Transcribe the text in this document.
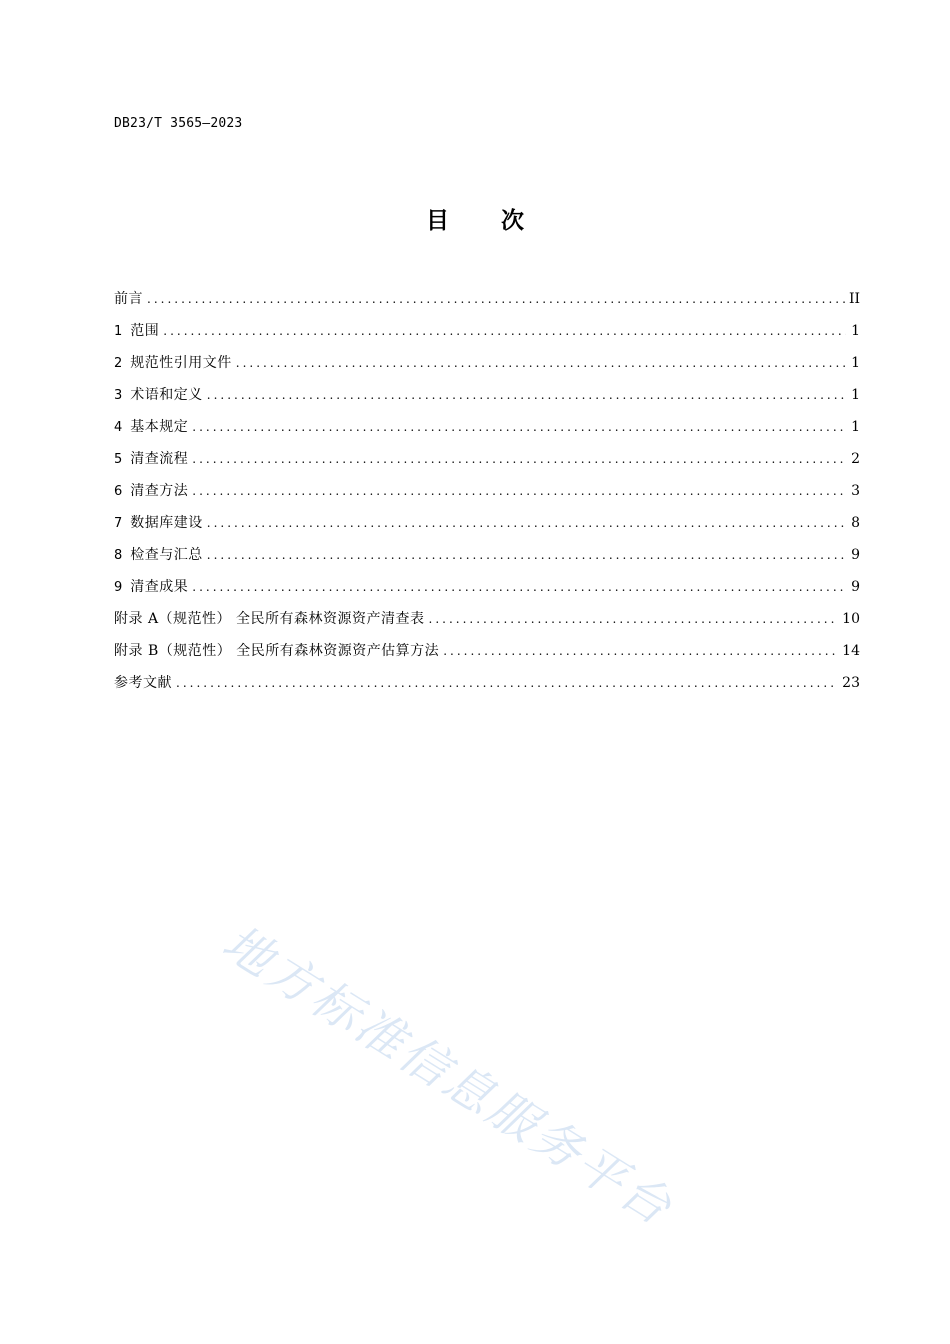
DB23/T 3565—2023
目次
前言 .....	II
1 范围 .....	1
2 规范性引用文件 .....	1
3 术语和定义 .....	1
4 基本规定 .....	1
5 清查流程 .....	2
6 清查方法 .....	3
7 数据库建设 .....	8
8 检查与汇总 .....	9
9 清查成果 .....	9
附录 A（规范性） 全民所有森林资源资产清查表 .....	10
附录 B（规范性） 全民所有森林资源资产估算方法 .....	14
参考文献 .....	23
地方标准信息服务平台
